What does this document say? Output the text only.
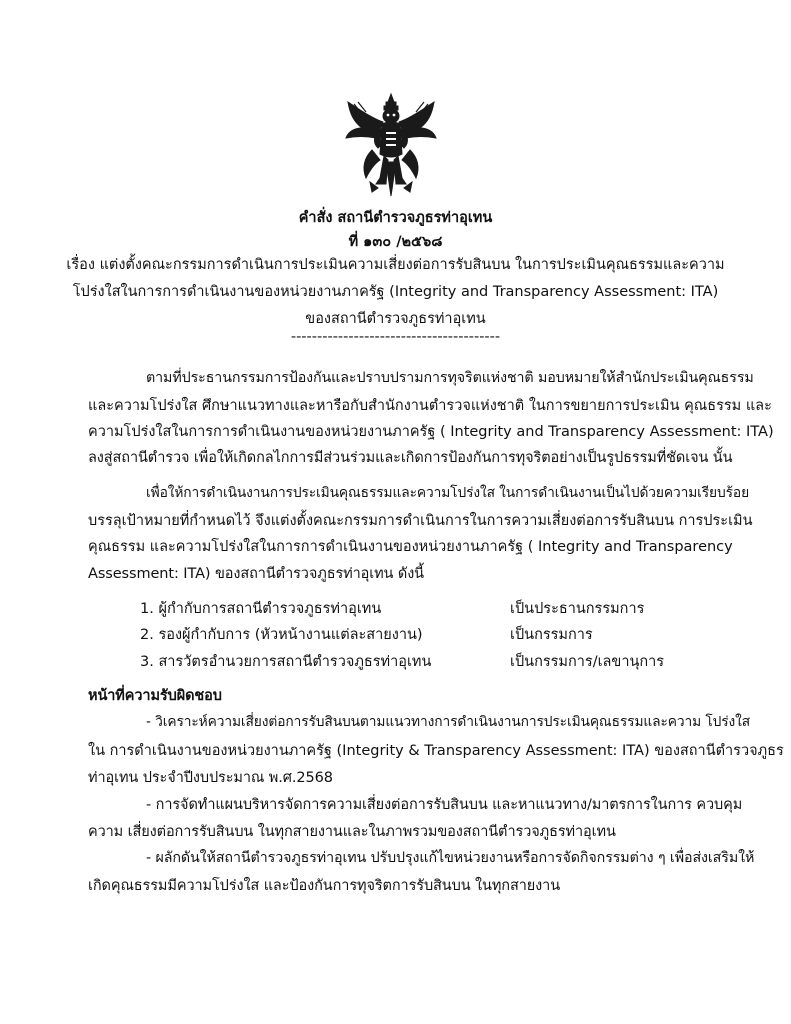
คำสั่ง สถานีตำรวจภูธรท่าอุเทน
ที่ ๑๓๐ /๒๕๖๘
เรื่อง แต่งตั้งคณะกรรมการดำเนินการประเมินความเสี่ยงต่อการรับสินบน ในการประเมินคุณธรรมและความ
โปร่งใสในการการดำเนินงานของหน่วยงานภาครัฐ (Integrity and Transparency Assessment: ITA)
ของสถานีตำรวจภูธรท่าอุเทน
----------------------------------------
ตามที่ประธานกรรมการป้องกันและปราบปรามการทุจริตแห่งชาติ มอบหมายให้สำนักประเมินคุณธรรม
และความโปร่งใส ศึกษาแนวทางและหารือกับสำนักงานตำรวจแห่งชาติ ในการขยายการประเมิน คุณธรรม และ
ความโปร่งใสในการการดำเนินงานของหน่วยงานภาครัฐ ( Integrity and Transparency Assessment: ITA)
ลงสู่สถานีตำรวจ เพื่อให้เกิดกลไกการมีส่วนร่วมและเกิดการป้องกันการทุจริตอย่างเป็นรูปธรรมที่ชัดเจน นั้น
เพื่อให้การดำเนินงานการประเมินคุณธรรมและความโปร่งใส ในการดำเนินงานเป็นไปด้วยความเรียบร้อย
บรรลุเป้าหมายที่กำหนดไว้ จึงแต่งตั้งคณะกรรมการดำเนินการในการความเสี่ยงต่อการรับสินบน การประเมิน
คุณธรรม และความโปร่งใสในการการดำเนินงานของหน่วยงานภาครัฐ ( Integrity and Transparency
Assessment: ITA) ของสถานีตำรวจภูธรท่าอุเทน ดังนี้
1. ผู้กำกับการสถานีตำรวจภูธรท่าอุเทน	เป็นประธานกรรมการ
2. รองผู้กำกับการ (หัวหน้างานแต่ละสายงาน)	เป็นกรรมการ
3. สารวัตรอำนวยการสถานีตำรวจภูธรท่าอุเทน	เป็นกรรมการ/เลขานุการ
หน้าที่ความรับผิดชอบ
- วิเคราะห์ความเสี่ยงต่อการรับสินบนตามแนวทางการดำเนินงานการประเมินคุณธรรมและความ โปร่งใส
ใน การดำเนินงานของหน่วยงานภาครัฐ (Integrity & Transparency Assessment: ITA) ของสถานีตำรวจภูธร
ท่าอุเทน ประจำปีงบประมาณ พ.ศ.2568
- การจัดทำแผนบริหารจัดการความเสี่ยงต่อการรับสินบน และหาแนวทาง/มาตรการในการ ควบคุม
ความ เสี่ยงต่อการรับสินบน ในทุกสายงานและในภาพรวมของสถานีตำรวจภูธรท่าอุเทน
- ผลักดันให้สถานีตำรวจภูธรท่าอุเทน ปรับปรุงแก้ไขหน่วยงานหรือการจัดกิจกรรมต่าง ๆ เพื่อส่งเสริมให้
เกิดคุณธรรมมีความโปร่งใส และป้องกันการทุจริตการรับสินบน ในทุกสายงาน
